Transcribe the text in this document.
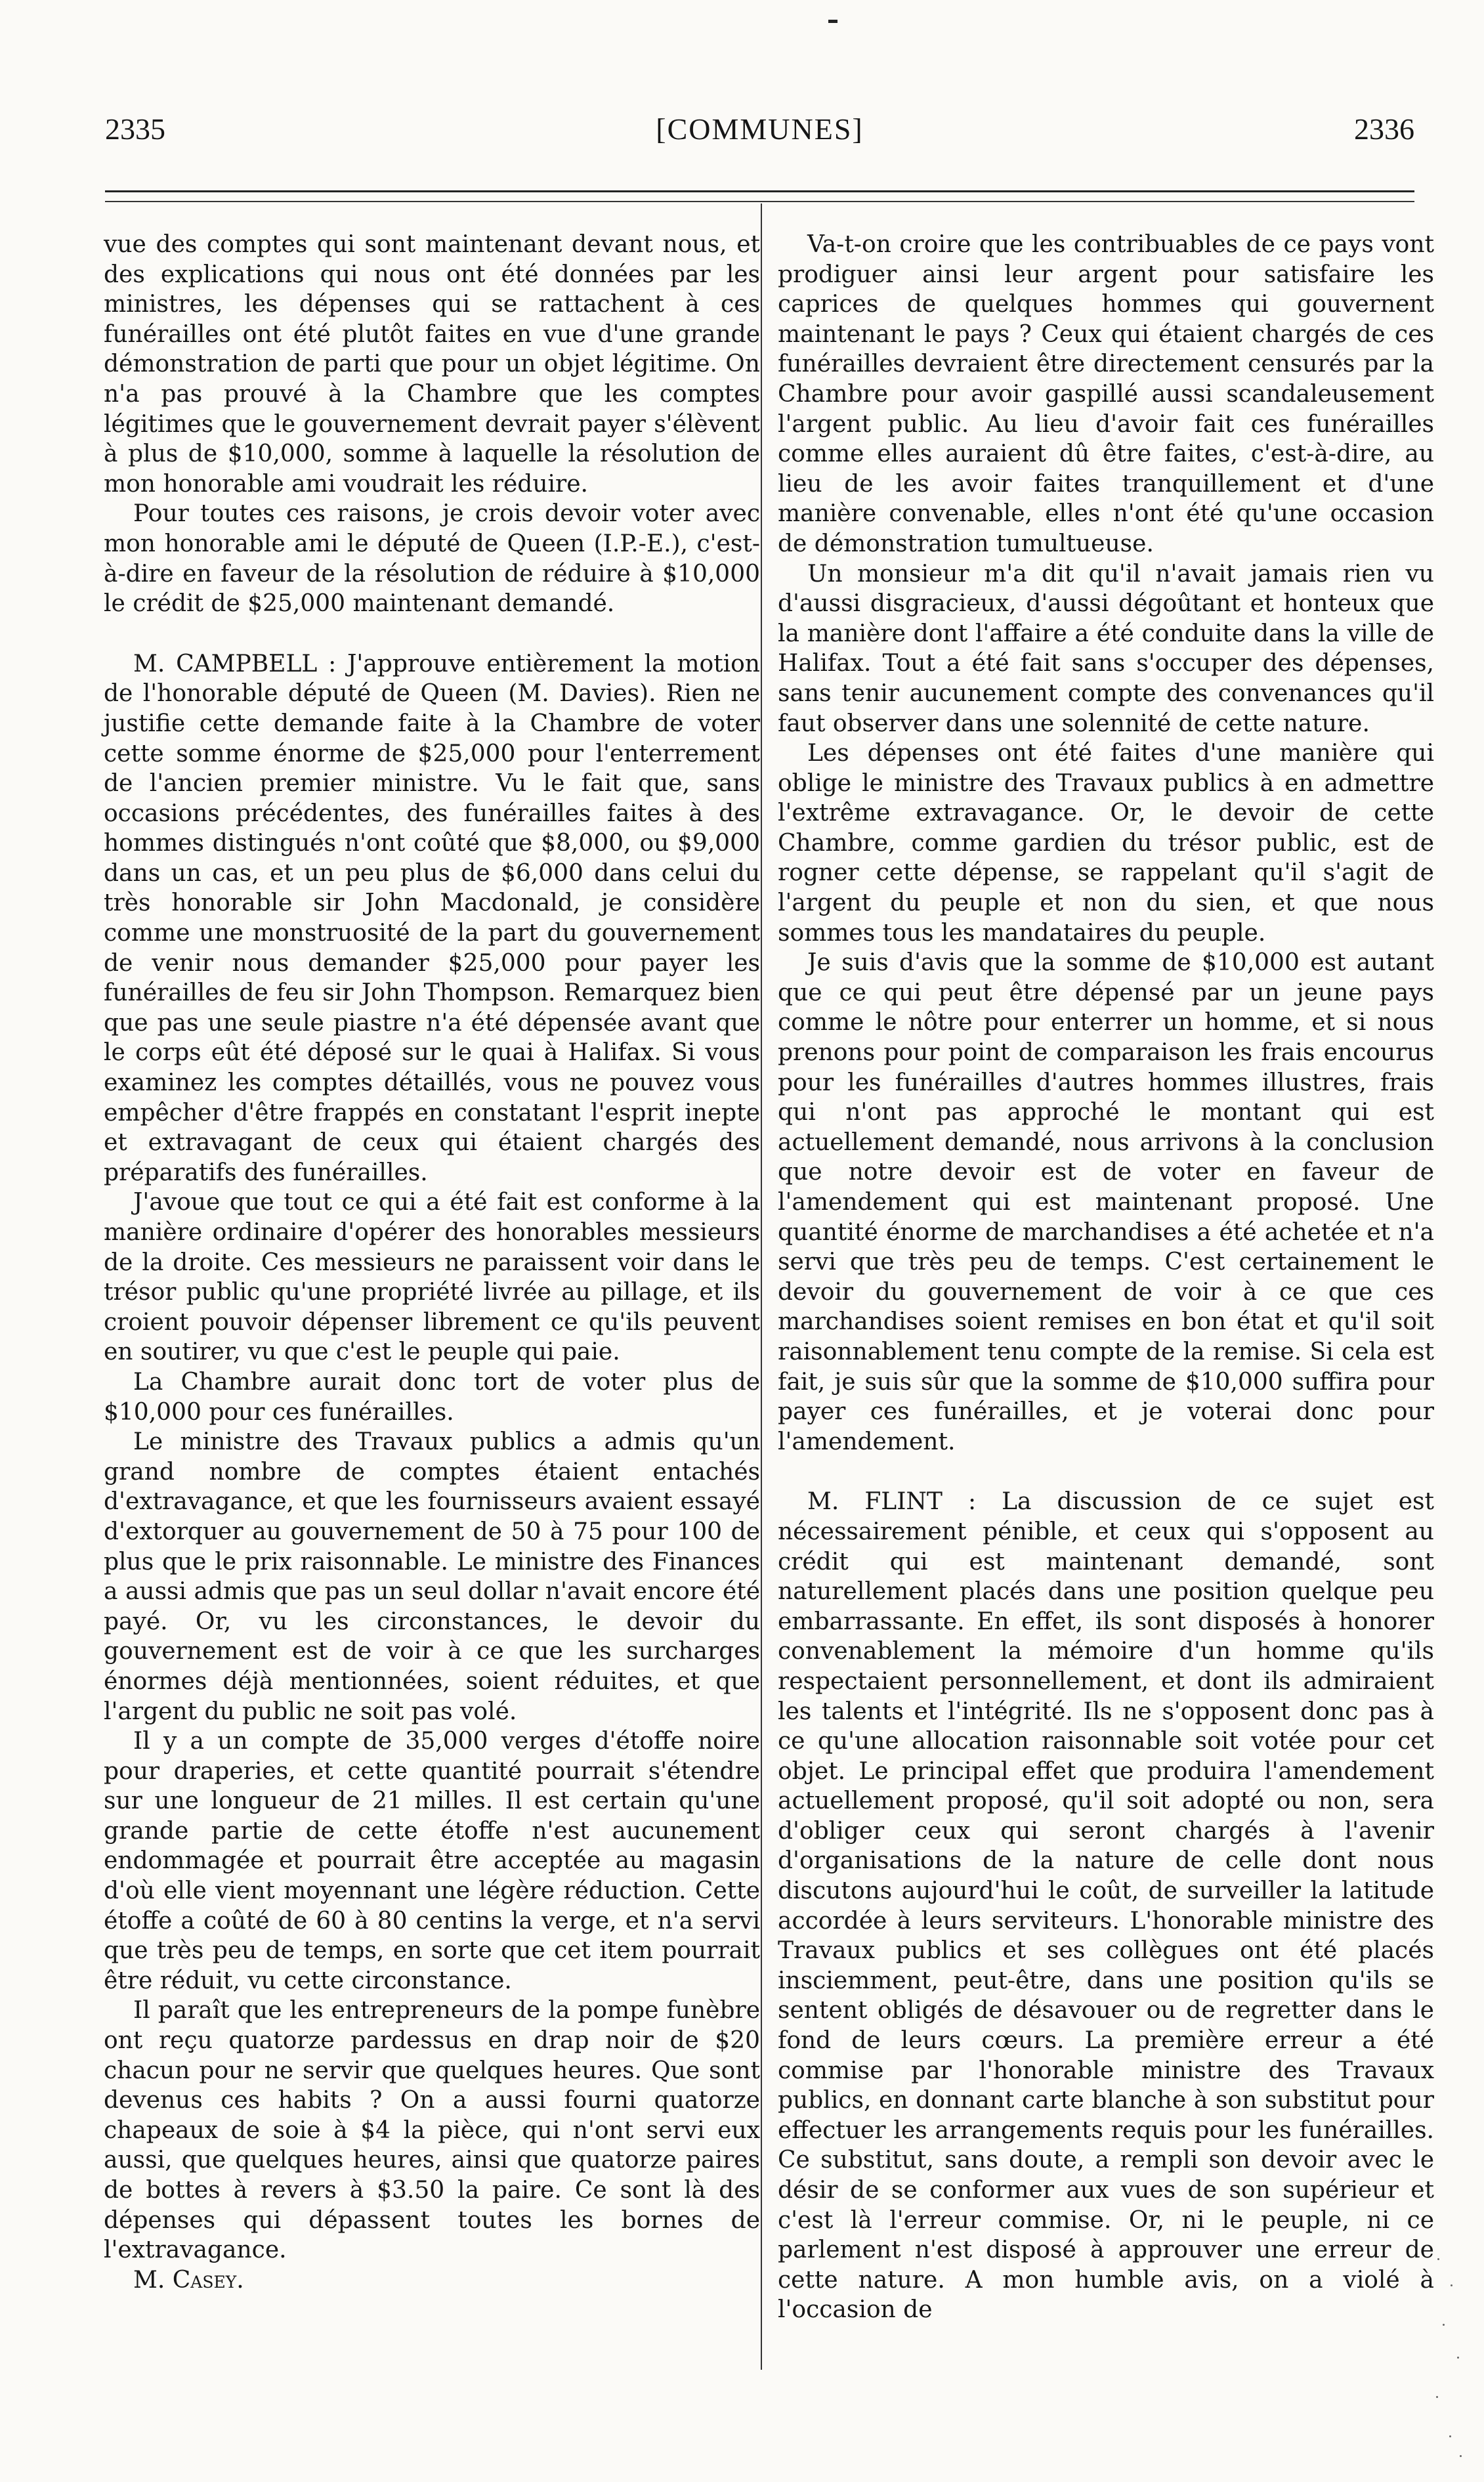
2335	[COMMUNES]	2336

vue des comptes qui sont maintenant devant nous, et des explications qui nous ont été données par les ministres, les dépenses qui se rattachent à ces funérailles ont été plutôt faites en vue d'une grande démonstration de parti que pour un objet légitime. On n'a pas prouvé à la Chambre que les comptes légitimes que le gouvernement devrait payer s'élèvent à plus de $10,000, somme à laquelle la résolution de mon honorable ami voudrait les réduire.

Pour toutes ces raisons, je crois devoir voter avec mon honorable ami le député de Queen (I.P.-E.), c'est-à-dire en faveur de la résolution de réduire à $10,000 le crédit de $25,000 maintenant demandé.

M. CAMPBELL : J'approuve entièrement la motion de l'honorable député de Queen (M. Davies). Rien ne justifie cette demande faite à la Chambre de voter cette somme énorme de $25,000 pour l'enterrement de l'ancien premier ministre. Vu le fait que, sans occasions précédentes, des funérailles faites à des hommes distingués n'ont coûté que $8,000, ou $9,000 dans un cas, et un peu plus de $6,000 dans celui du très honorable sir John Macdonald, je considère comme une monstruosité de la part du gouvernement de venir nous demander $25,000 pour payer les funérailles de feu sir John Thompson. Remarquez bien que pas une seule piastre n'a été dépensée avant que le corps eût été déposé sur le quai à Halifax. Si vous examinez les comptes détaillés, vous ne pouvez vous empêcher d'être frappés en constatant l'esprit inepte et extravagant de ceux qui étaient chargés des préparatifs des funérailles.

J'avoue que tout ce qui a été fait est conforme à la manière ordinaire d'opérer des honorables messieurs de la droite. Ces messieurs ne paraissent voir dans le trésor public qu'une propriété livrée au pillage, et ils croient pouvoir dépenser librement ce qu'ils peuvent en soutirer, vu que c'est le peuple qui paie.

La Chambre aurait donc tort de voter plus de $10,000 pour ces funérailles.

Le ministre des Travaux publics a admis qu'un grand nombre de comptes étaient entachés d'extravagance, et que les fournisseurs avaient essayé d'extorquer au gouvernement de 50 à 75 pour 100 de plus que le prix raisonnable. Le ministre des Finances a aussi admis que pas un seul dollar n'avait encore été payé. Or, vu les circonstances, le devoir du gouvernement est de voir à ce que les surcharges énormes déjà mentionnées, soient réduites, et que l'argent du public ne soit pas volé.

Il y a un compte de 35,000 verges d'étoffe noire pour draperies, et cette quantité pourrait s'étendre sur une longueur de 21 milles. Il est certain qu'une grande partie de cette étoffe n'est aucunement endommagée et pourrait être acceptée au magasin d'où elle vient moyennant une légère réduction. Cette étoffe a coûté de 60 à 80 centins la verge, et n'a servi que très peu de temps, en sorte que cet item pourrait être réduit, vu cette circonstance.

Il paraît que les entrepreneurs de la pompe funèbre ont reçu quatorze pardessus en drap noir de $20 chacun pour ne servir que quelques heures. Que sont devenus ces habits ? On a aussi fourni quatorze chapeaux de soie à $4 la pièce, qui n'ont servi eux aussi, que quelques heures, ainsi que quatorze paires de bottes à revers à $3.50 la paire. Ce sont là des dépenses qui dépassent toutes les bornes de l'extravagance.

M. Casey.

Va-t-on croire que les contribuables de ce pays vont prodiguer ainsi leur argent pour satisfaire les caprices de quelques hommes qui gouvernent maintenant le pays ? Ceux qui étaient chargés de ces funérailles devraient être directement censurés par la Chambre pour avoir gaspillé aussi scandaleusement l'argent public. Au lieu d'avoir fait ces funérailles comme elles auraient dû être faites, c'est-à-dire, au lieu de les avoir faites tranquillement et d'une manière convenable, elles n'ont été qu'une occasion de démonstration tumultueuse.

Un monsieur m'a dit qu'il n'avait jamais rien vu d'aussi disgracieux, d'aussi dégoûtant et honteux que la manière dont l'affaire a été conduite dans la ville de Halifax. Tout a été fait sans s'occuper des dépenses, sans tenir aucunement compte des convenances qu'il faut observer dans une solennité de cette nature.

Les dépenses ont été faites d'une manière qui oblige le ministre des Travaux publics à en admettre l'extrême extravagance. Or, le devoir de cette Chambre, comme gardien du trésor public, est de rogner cette dépense, se rappelant qu'il s'agit de l'argent du peuple et non du sien, et que nous sommes tous les mandataires du peuple.

Je suis d'avis que la somme de $10,000 est autant que ce qui peut être dépensé par un jeune pays comme le nôtre pour enterrer un homme, et si nous prenons pour point de comparaison les frais encourus pour les funérailles d'autres hommes illustres, frais qui n'ont pas approché le montant qui est actuellement demandé, nous arrivons à la conclusion que notre devoir est de voter en faveur de l'amendement qui est maintenant proposé. Une quantité énorme de marchandises a été achetée et n'a servi que très peu de temps. C'est certainement le devoir du gouvernement de voir à ce que ces marchandises soient remises en bon état et qu'il soit raisonnablement tenu compte de la remise. Si cela est fait, je suis sûr que la somme de $10,000 suffira pour payer ces funérailles, et je voterai donc pour l'amendement.

M. FLINT : La discussion de ce sujet est nécessairement pénible, et ceux qui s'opposent au crédit qui est maintenant demandé, sont naturellement placés dans une position quelque peu embarrassante. En effet, ils sont disposés à honorer convenablement la mémoire d'un homme qu'ils respectaient personnellement, et dont ils admiraient les talents et l'intégrité. Ils ne s'opposent donc pas à ce qu'une allocation raisonnable soit votée pour cet objet. Le principal effet que produira l'amendement actuellement proposé, qu'il soit adopté ou non, sera d'obliger ceux qui seront chargés à l'avenir d'organisations de la nature de celle dont nous discutons aujourd'hui le coût, de surveiller la latitude accordée à leurs serviteurs. L'honorable ministre des Travaux publics et ses collègues ont été placés insciemment, peut-être, dans une position qu'ils se sentent obligés de désavouer ou de regretter dans le fond de leurs cœurs. La première erreur a été commise par l'honorable ministre des Travaux publics, en donnant carte blanche à son substitut pour effectuer les arrangements requis pour les funérailles. Ce substitut, sans doute, a rempli son devoir avec le désir de se conformer aux vues de son supérieur et c'est là l'erreur commise. Or, ni le peuple, ni ce parlement n'est disposé à approuver une erreur de cette nature. A mon humble avis, on a violé à l'occasion de
